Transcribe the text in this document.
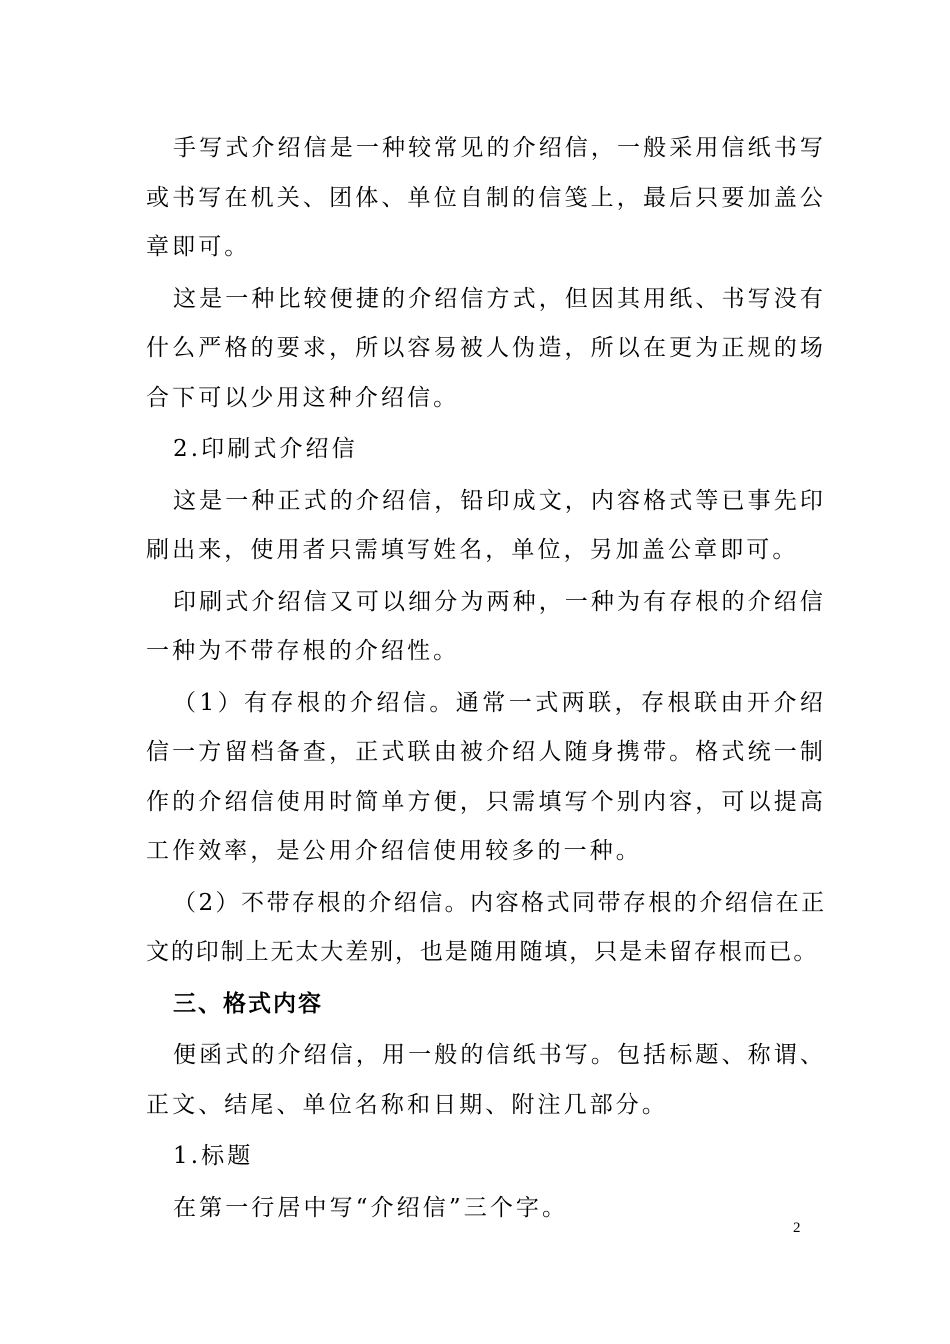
手写式介绍信是一种较常见的介绍信，一般采用信纸书写或书写在机关、团体、单位自制的信笺上，最后只要加盖公章即可。

这是一种比较便捷的介绍信方式，但因其用纸、书写没有什么严格的要求，所以容易被人伪造，所以在更为正规的场合下可以少用这种介绍信。

2.印刷式介绍信

这是一种正式的介绍信，铅印成文，内容格式等已事先印刷出来，使用者只需填写姓名，单位，另加盖公章即可。

印刷式介绍信又可以细分为两种，一种为有存根的介绍信一种为不带存根的介绍性。

（1）有存根的介绍信。通常一式两联，存根联由开介绍信一方留档备查，正式联由被介绍人随身携带。格式统一制作的介绍信使用时简单方便，只需填写个别内容，可以提高工作效率，是公用介绍信使用较多的一种。

（2）不带存根的介绍信。内容格式同带存根的介绍信在正文的印制上无太大差别，也是随用随填，只是未留存根而已。

三、格式内容

便函式的介绍信，用一般的信纸书写。包括标题、称谓、正文、结尾、单位名称和日期、附注几部分。

1.标题

在第一行居中写“介绍信”三个字。

2
